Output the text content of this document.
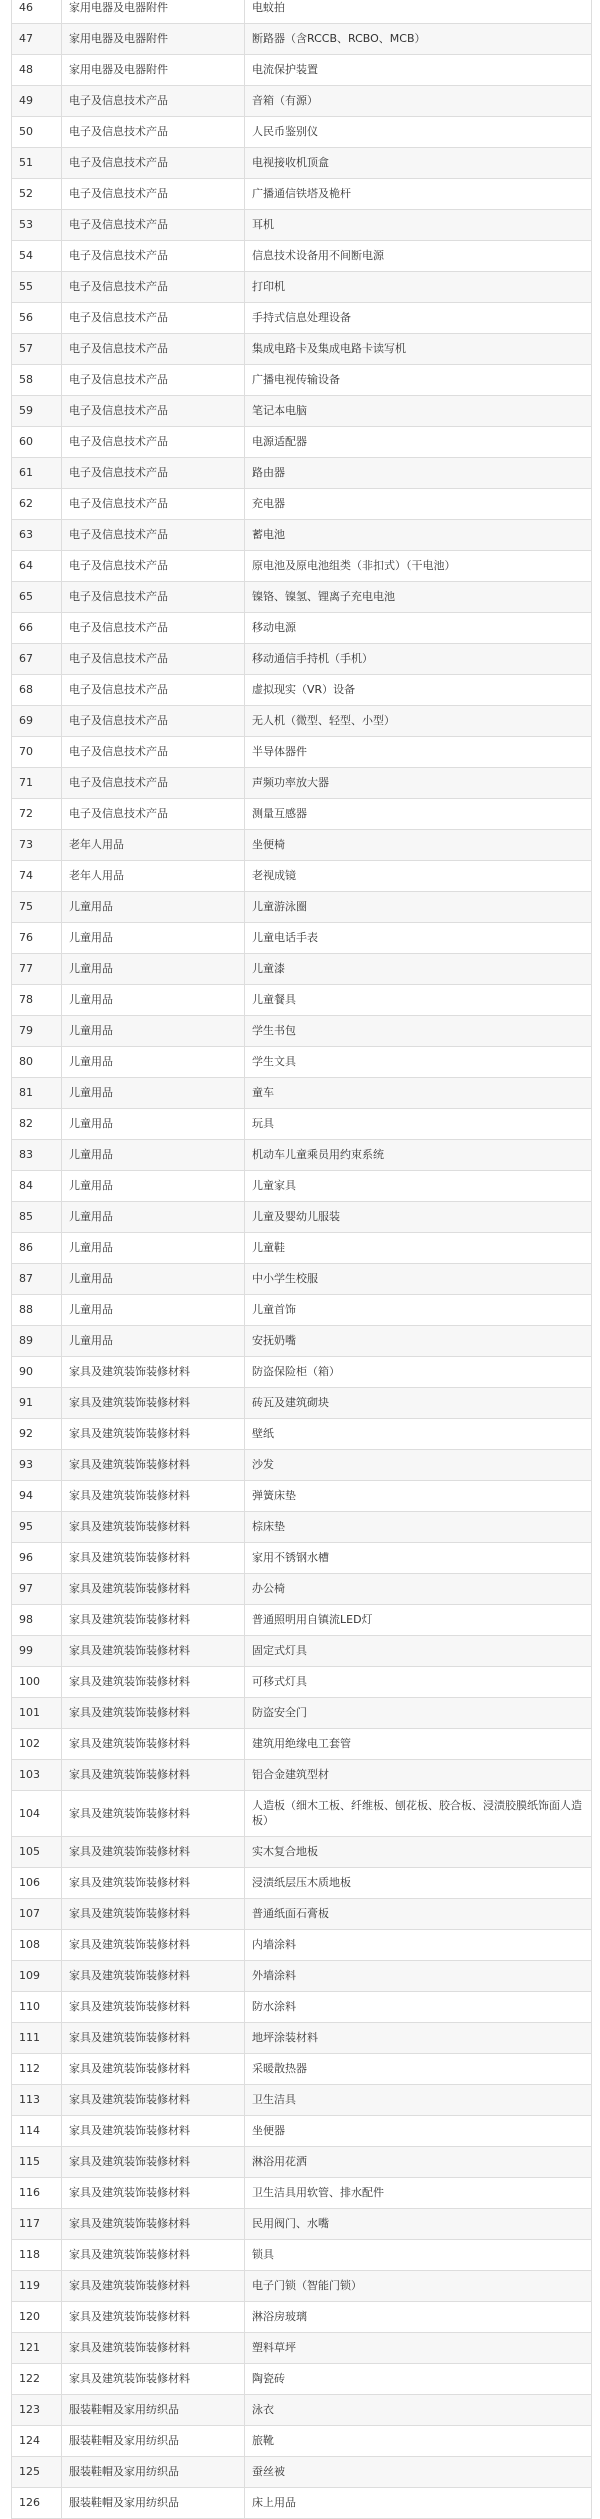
46	家用电器及电器附件	电蚊拍
47	家用电器及电器附件	断路器（含RCCB、RCBO、MCB）
48	家用电器及电器附件	电流保护装置
49	电子及信息技术产品	音箱（有源）
50	电子及信息技术产品	人民币鉴别仪
51	电子及信息技术产品	电视接收机顶盒
52	电子及信息技术产品	广播通信铁塔及桅杆
53	电子及信息技术产品	耳机
54	电子及信息技术产品	信息技术设备用不间断电源
55	电子及信息技术产品	打印机
56	电子及信息技术产品	手持式信息处理设备
57	电子及信息技术产品	集成电路卡及集成电路卡读写机
58	电子及信息技术产品	广播电视传输设备
59	电子及信息技术产品	笔记本电脑
60	电子及信息技术产品	电源适配器
61	电子及信息技术产品	路由器
62	电子及信息技术产品	充电器
63	电子及信息技术产品	蓄电池
64	电子及信息技术产品	原电池及原电池组类（非扣式）（干电池）
65	电子及信息技术产品	镍铬、镍氢、锂离子充电电池
66	电子及信息技术产品	移动电源
67	电子及信息技术产品	移动通信手持机（手机）
68	电子及信息技术产品	虚拟现实（VR）设备
69	电子及信息技术产品	无人机（微型、轻型、小型）
70	电子及信息技术产品	半导体器件
71	电子及信息技术产品	声频功率放大器
72	电子及信息技术产品	测量互感器
73	老年人用品	坐便椅
74	老年人用品	老视成镜
75	儿童用品	儿童游泳圈
76	儿童用品	儿童电话手表
77	儿童用品	儿童漆
78	儿童用品	儿童餐具
79	儿童用品	学生书包
80	儿童用品	学生文具
81	儿童用品	童车
82	儿童用品	玩具
83	儿童用品	机动车儿童乘员用约束系统
84	儿童用品	儿童家具
85	儿童用品	儿童及婴幼儿服装
86	儿童用品	儿童鞋
87	儿童用品	中小学生校服
88	儿童用品	儿童首饰
89	儿童用品	安抚奶嘴
90	家具及建筑装饰装修材料	防盗保险柜（箱）
91	家具及建筑装饰装修材料	砖瓦及建筑砌块
92	家具及建筑装饰装修材料	壁纸
93	家具及建筑装饰装修材料	沙发
94	家具及建筑装饰装修材料	弹簧床垫
95	家具及建筑装饰装修材料	棕床垫
96	家具及建筑装饰装修材料	家用不锈钢水槽
97	家具及建筑装饰装修材料	办公椅
98	家具及建筑装饰装修材料	普通照明用自镇流LED灯
99	家具及建筑装饰装修材料	固定式灯具
100	家具及建筑装饰装修材料	可移式灯具
101	家具及建筑装饰装修材料	防盗安全门
102	家具及建筑装饰装修材料	建筑用绝缘电工套管
103	家具及建筑装饰装修材料	铝合金建筑型材
104	家具及建筑装饰装修材料	人造板（细木工板、纤维板、刨花板、胶合板、浸渍胶膜纸饰面人造板）
105	家具及建筑装饰装修材料	实木复合地板
106	家具及建筑装饰装修材料	浸渍纸层压木质地板
107	家具及建筑装饰装修材料	普通纸面石膏板
108	家具及建筑装饰装修材料	内墙涂料
109	家具及建筑装饰装修材料	外墙涂料
110	家具及建筑装饰装修材料	防水涂料
111	家具及建筑装饰装修材料	地坪涂装材料
112	家具及建筑装饰装修材料	采暖散热器
113	家具及建筑装饰装修材料	卫生洁具
114	家具及建筑装饰装修材料	坐便器
115	家具及建筑装饰装修材料	淋浴用花洒
116	家具及建筑装饰装修材料	卫生洁具用软管、排水配件
117	家具及建筑装饰装修材料	民用阀门、水嘴
118	家具及建筑装饰装修材料	锁具
119	家具及建筑装饰装修材料	电子门锁（智能门锁）
120	家具及建筑装饰装修材料	淋浴房玻璃
121	家具及建筑装饰装修材料	塑料草坪
122	家具及建筑装饰装修材料	陶瓷砖
123	服装鞋帽及家用纺织品	泳衣
124	服装鞋帽及家用纺织品	旅靴
125	服装鞋帽及家用纺织品	蚕丝被
126	服装鞋帽及家用纺织品	床上用品
